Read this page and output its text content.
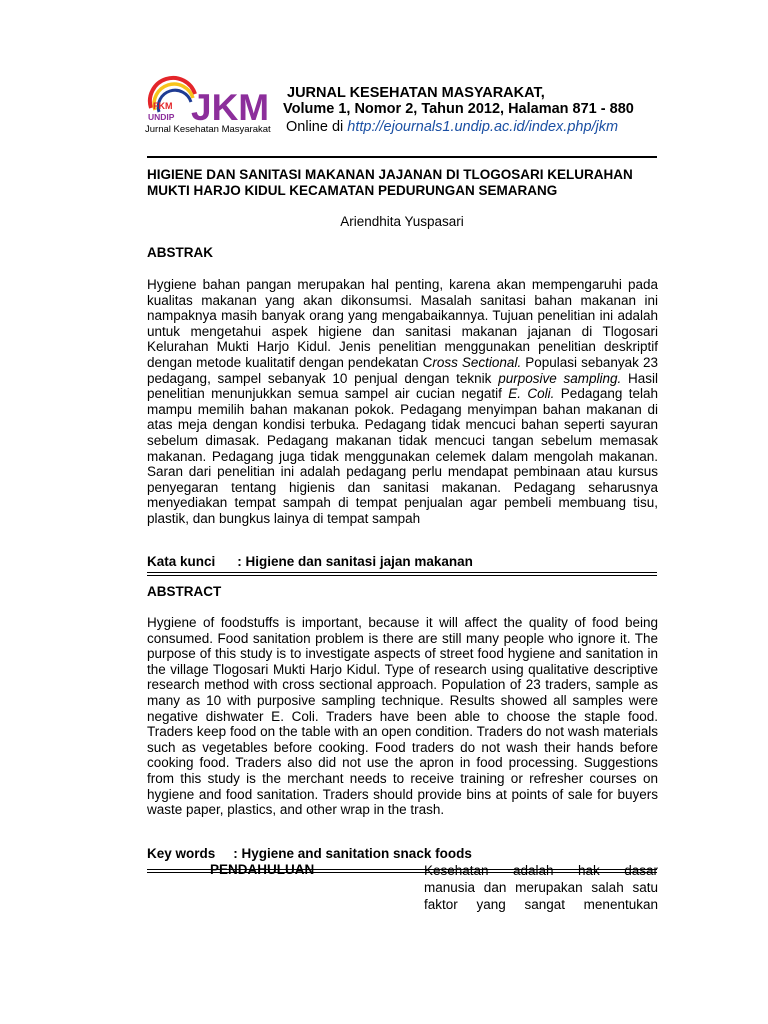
FKM
UNDIP JKM
Jurnal Kesehatan Masyarakat
JURNAL KESEHATAN MASYARAKAT,
Volume 1, Nomor 2, Tahun 2012, Halaman 871 - 880
Online di http://ejournals1.undip.ac.id/index.php/jkm
HIGIENE DAN SANITASI MAKANAN JAJANAN DI TLOGOSARI KELURAHAN MUKTI HARJO KIDUL KECAMATAN PEDURUNGAN SEMARANG
Ariendhita Yuspasari
ABSTRAK
Hygiene bahan pangan merupakan hal penting, karena akan mempengaruhi pada kualitas makanan yang akan dikonsumsi. Masalah sanitasi bahan makanan ini nampaknya masih banyak orang yang mengabaikannya. Tujuan penelitian ini adalah untuk mengetahui aspek higiene dan sanitasi makanan jajanan di Tlogosari Kelurahan Mukti Harjo Kidul. Jenis penelitian menggunakan penelitian deskriptif dengan metode kualitatif dengan pendekatan Cross Sectional. Populasi sebanyak 23 pedagang, sampel sebanyak 10 penjual dengan teknik purposive sampling. Hasil penelitian menunjukkan semua sampel air cucian negatif E. Coli. Pedagang telah mampu memilih bahan makanan pokok. Pedagang menyimpan bahan makanan di atas meja dengan kondisi terbuka. Pedagang tidak mencuci bahan seperti sayuran sebelum dimasak. Pedagang makanan tidak mencuci tangan sebelum memasak makanan. Pedagang juga tidak menggunakan celemek dalam mengolah makanan. Saran dari penelitian ini adalah pedagang perlu mendapat pembinaan atau kursus penyegaran tentang higienis dan sanitasi makanan. Pedagang seharusnya menyediakan tempat sampah di tempat penjualan agar pembeli membuang tisu, plastik, dan bungkus lainya di tempat sampah
Kata kunci : Higiene dan sanitasi jajan makanan
ABSTRACT
Hygiene of foodstuffs is important, because it will affect the quality of food being consumed. Food sanitation problem is there are still many people who ignore it. The purpose of this study is to investigate aspects of street food hygiene and sanitation in the village Tlogosari Mukti Harjo Kidul. Type of research using qualitative descriptive research method with cross sectional approach. Population of 23 traders, sample as many as 10 with purposive sampling technique. Results showed all samples were negative dishwater E. Coli. Traders have been able to choose the staple food. Traders keep food on the table with an open condition. Traders do not wash materials such as vegetables before cooking. Food traders do not wash their hands before cooking food. Traders also did not use the apron in food processing. Suggestions from this study is the merchant needs to receive training or refresher courses on hygiene and food sanitation. Traders should provide bins at points of sale for buyers waste paper, plastics, and other wrap in the trash.
Key words : Hygiene and sanitation snack foods
PENDAHULUAN	Kesehatan adalah hak dasar
manusia dan merupakan salah satu
faktor yang sangat menentukan
